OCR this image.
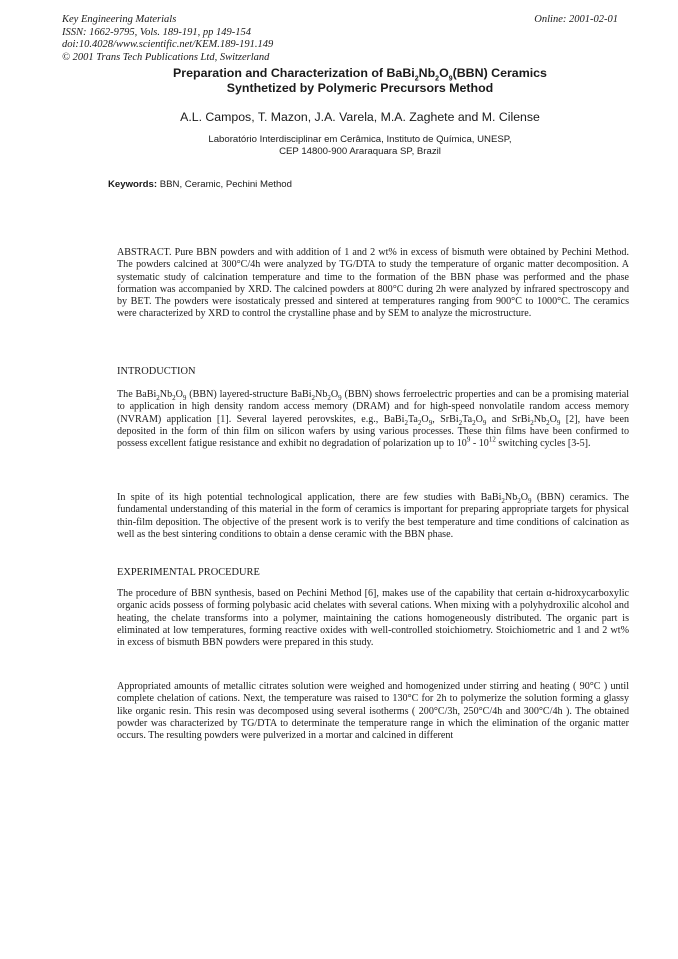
Key Engineering Materials
ISSN: 1662-9795, Vols. 189-191, pp 149-154
doi:10.4028/www.scientific.net/KEM.189-191.149
© 2001 Trans Tech Publications Ltd, Switzerland
Online: 2001-02-01
Preparation and Characterization of $BaBi_2Nb_2O_9(BBN)$ Ceramics
Synthetized by Polymeric Precursors Method
A.L. Campos, T. Mazon, J.A. Varela, M.A. Zaghete and M. Cilense
Laboratório Interdisciplinar em Cerâmica, Instituto de Química, UNESP,
CEP 14800-900 Araraquara SP, Brazil
Keywords: BBN, Ceramic, Pechini Method
ABSTRACT. Pure BBN powders and with addition of 1 and 2 wt% in excess of bismuth were obtained by Pechini Method. The powders calcined at 300°C/4h were analyzed by TG/DTA to study the temperature of organic matter decomposition. A systematic study of calcination temperature and time to the formation of the BBN phase was performed and the phase formation was accompanied by XRD. The calcined powders at 800°C during 2h were analyzed by infrared spectroscopy and by BET. The powders were isostaticaly pressed and sintered at temperatures ranging from 900°C to 1000°C. The ceramics were characterized by XRD to control the crystalline phase and by SEM to analyze the microstructure.
INTRODUCTION
The $BaBi_2Nb_2O_9$ (BBN) layered-structure $BaBi_2Nb_2O_9$ (BBN) shows ferroelectric properties and can be a promising material to application in high density random access memory (DRAM) and for high-speed nonvolatile random access memory (NVRAM) application [1]. Several layered perovskites, e.g., $BaBi_2Ta_2O_9$, $SrBi_2Ta_2O_9$ and $SrBi_2Nb_2O_9$ [2], have been deposited in the form of thin film on silicon wafers by using various processes. These thin films have been confirmed to possess excellent fatigue resistance and exhibit no degradation of polarization up to $10^9 - 10^{12}$ switching cycles [3-5].
In spite of its high potential technological application, there are few studies with $BaBi_2Nb_2O_9$ (BBN) ceramics. The fundamental understanding of this material in the form of ceramics is important for preparing appropriate targets for physical thin-film deposition. The objective of the present work is to verify the best temperature and time conditions of calcination as well as the best sintering conditions to obtain a dense ceramic with the BBN phase.
EXPERIMENTAL PROCEDURE
The procedure of BBN synthesis, based on Pechini Method [6], makes use of the capability that certain α-hidroxycarboxylic organic acids possess of forming polybasic acid chelates with several cations. When mixing with a polyhydroxilic alcohol and heating, the chelate transforms into a polymer, maintaining the cations homogeneously distributed. The organic part is eliminated at low temperatures, forming reactive oxides with well-controlled stoichiometry. Stoichiometric and 1 and 2 wt% in excess of bismuth BBN powders were prepared in this study.
Appropriated amounts of metallic citrates solution were weighed and homogenized under stirring and heating ( 90°C ) until complete chelation of cations. Next, the temperature was raised to 130°C for 2h to polymerize the solution forming a glassy like organic resin. This resin was decomposed using several isotherms ( 200°C/3h, 250°C/4h and 300°C/4h ). The obtained powder was characterized by TG/DTA to determinate the temperature range in which the elimination of the organic matter occurs. The resulting powders were pulverized in a mortar and calcined in different
